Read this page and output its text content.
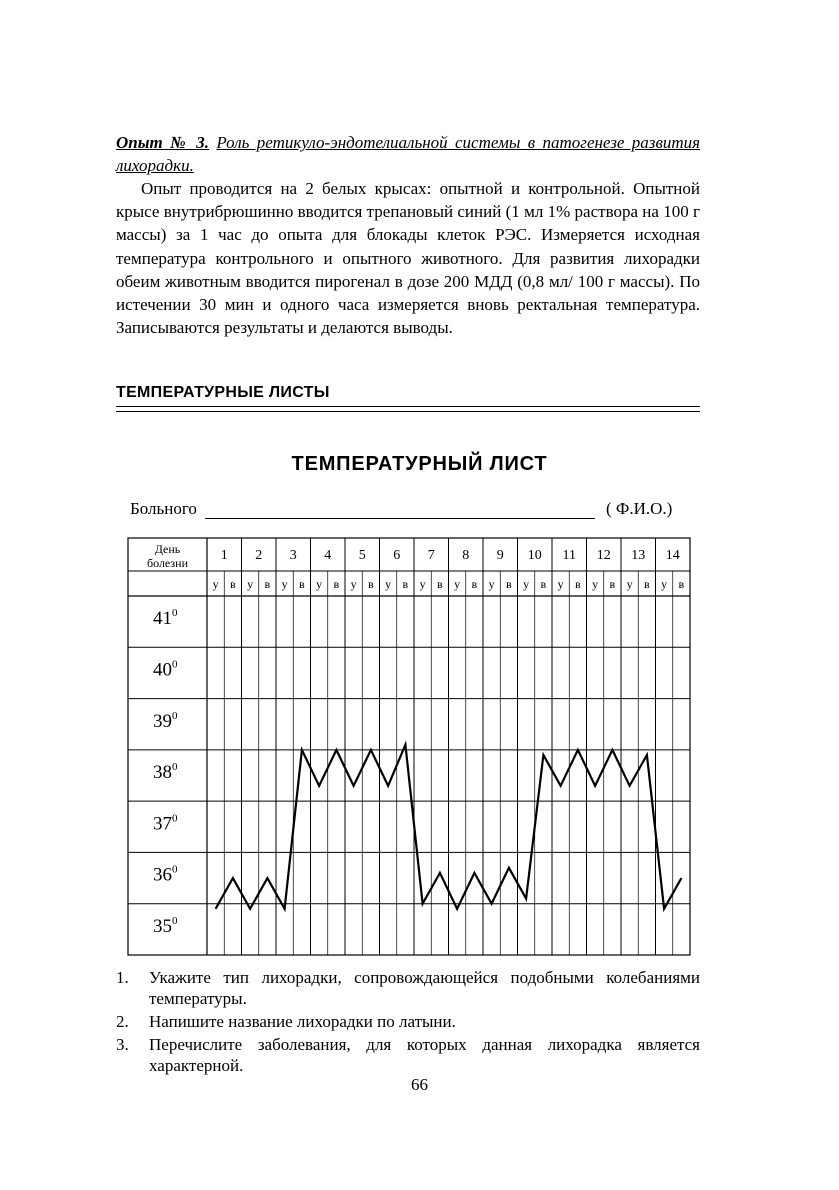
Опыт № 3. Роль ретикуло-эндотелиальной системы в патогенезе развития лихорадки.

Опыт проводится на 2 белых крысах: опытной и контрольной. Опытной крысе внутрибрюшинно вводится трепановый синий (1 мл 1% раствора на 100 г массы) за 1 час до опыта для блокады клеток РЭС. Измеряется исходная температура контрольного и опытного животного. Для развития лихорадки обеим животным вводится пирогенал в дозе 200 МДД (0,8 мл/ 100 г массы). По истечении 30 мин и одного часа измеряется вновь ректальная температура. Записываются результаты и делаются выводы.

ТЕМПЕРАТУРНЫЕ ЛИСТЫ
ТЕМПЕРАТУРНЫЙ ЛИСТ
Больного	( Ф.И.О.)
День
болезни 1 2 3 4 5 6 7 8 9 10 11 12 13 14
у в у в у в у в у в у в у в у в у в у в у в у в у в у в
$41^0$
$40^0$
$39^0$
$38^0$
$37^0$
$36^0$
$35^0$
1. Укажите тип лихорадки, сопровождающейся подобными колебаниями температуры.
2. Напишите название лихорадки по латыни.
3. Перечислите заболевания, для которых данная лихорадка является характерной.
66
